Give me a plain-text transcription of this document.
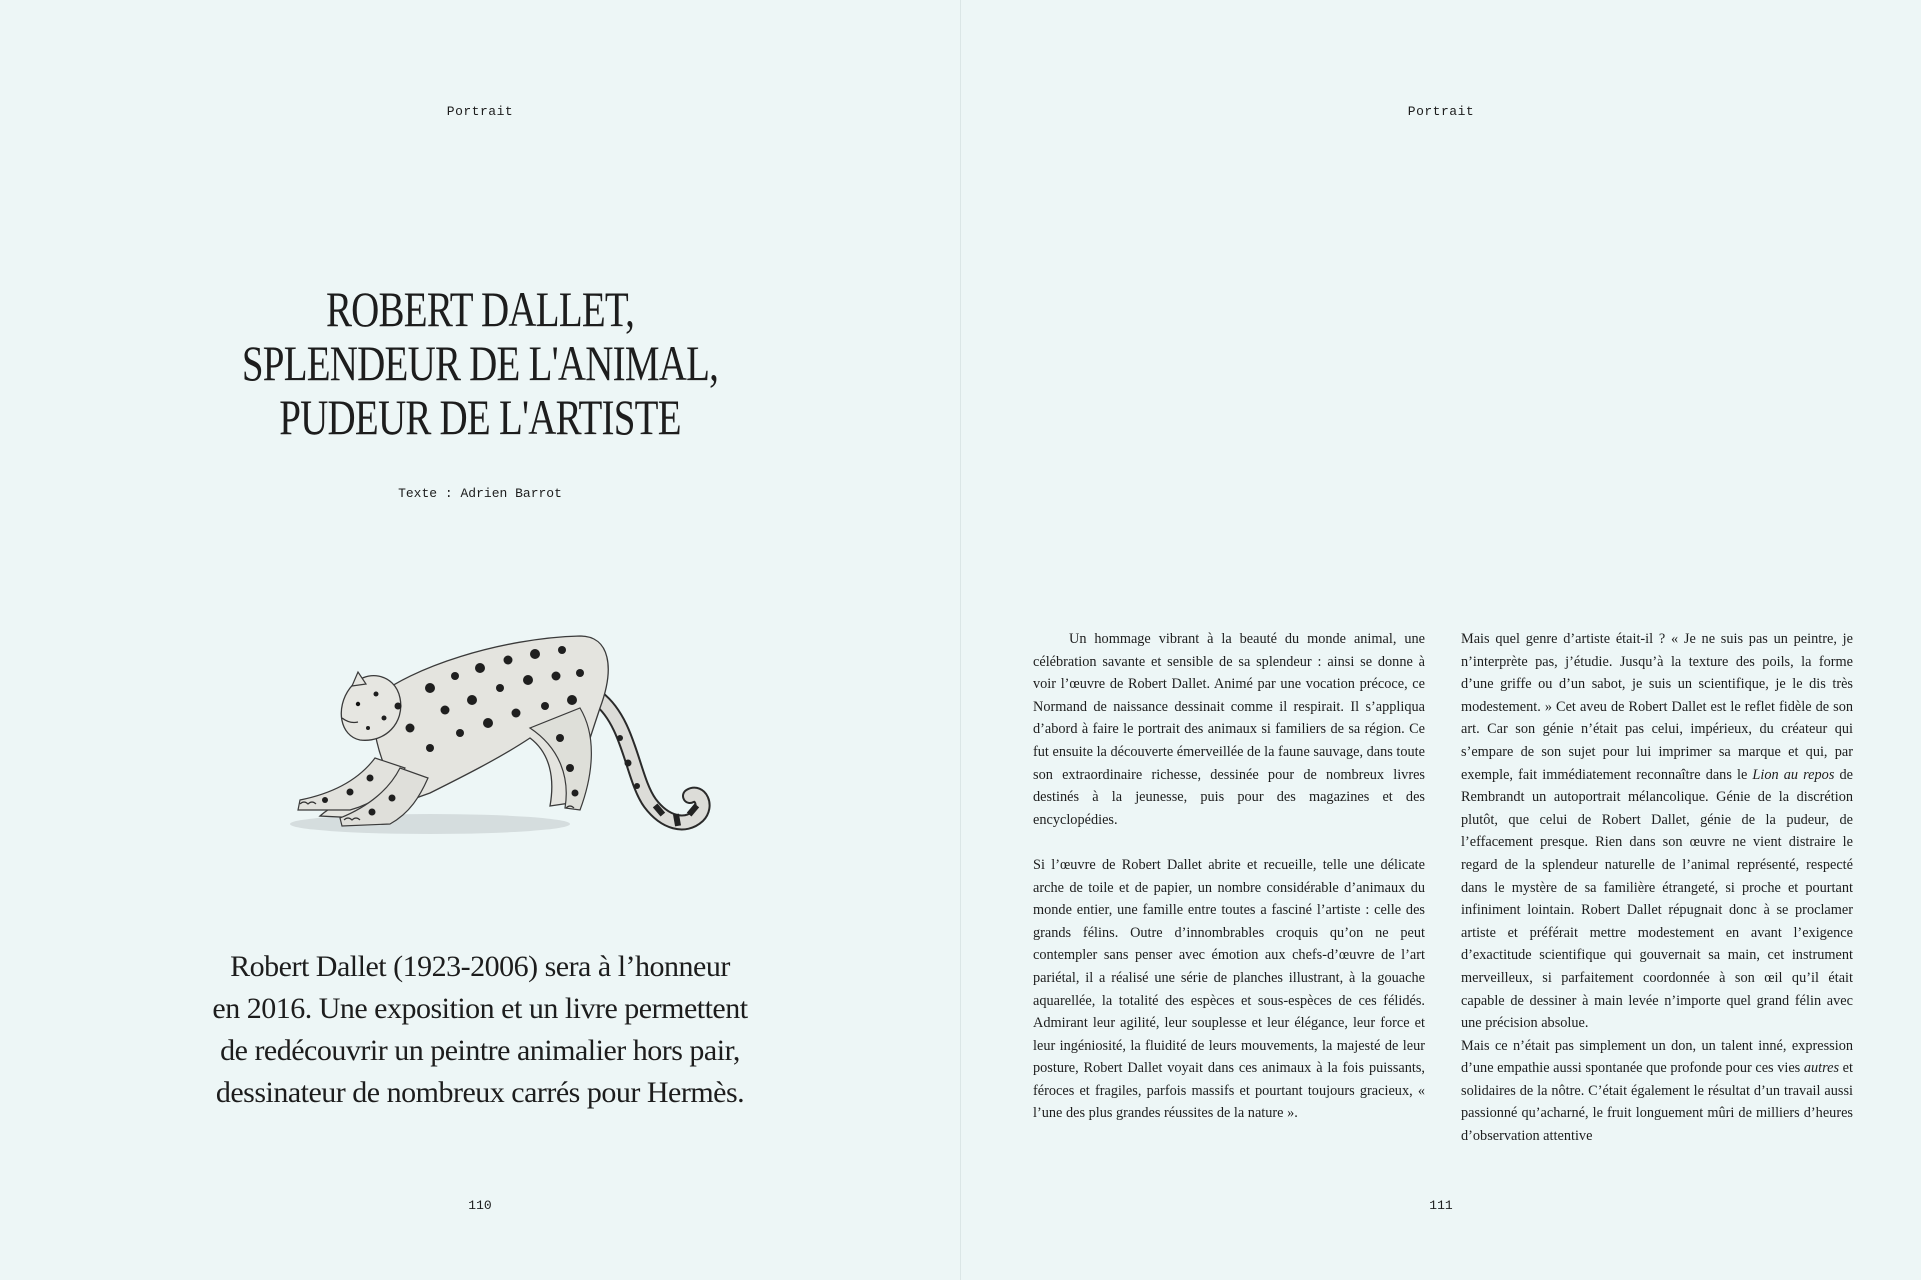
Portrait
ROBERT DALLET,
SPLENDEUR DE L'ANIMAL,
PUDEUR DE L'ARTISTE
Texte : Adrien Barrot
Robert Dallet (1923-2006) sera à l’honneur
en 2016. Une exposition et un livre permettent
de redécouvrir un peintre animalier hors pair,
dessinateur de nombreux carrés pour Hermès.
110
Portrait

Un hommage vibrant à la beauté du monde animal, une célébration savante et sensible de sa splendeur : ainsi se donne à voir l’œuvre de Robert Dallet. Animé par une vocation précoce, ce Normand de naissance dessinait comme il respirait. Il s’appliqua d’abord à faire le portrait des animaux si familiers de sa région. Ce fut ensuite la découverte émerveillée de la faune sauvage, dans toute son extraordinaire richesse, dessinée pour de nombreux livres destinés à la jeunesse, puis pour des magazines et des encyclopédies.

Si l’œuvre de Robert Dallet abrite et recueille, telle une délicate arche de toile et de papier, un nombre considérable d’animaux du monde entier, une famille entre toutes a fasciné l’artiste : celle des grands félins. Outre d’innombrables croquis qu’on ne peut contempler sans penser avec émotion aux chefs-d’œuvre de l’art pariétal, il a réalisé une série de planches illustrant, à la gouache aquarellée, la totalité des espèces et sous-espèces de ces félidés. Admirant leur agilité, leur souplesse et leur élégance, leur force et leur ingéniosité, la fluidité de leurs mouvements, la majesté de leur posture, Robert Dallet voyait dans ces animaux à la fois puissants, féroces et fragiles, parfois massifs et pourtant toujours gracieux, « l’une des plus grandes réussites de la nature ».

Mais quel genre d’artiste était-il ? « Je ne suis pas un peintre, je n’interprète pas, j’étudie. Jusqu’à la texture des poils, la forme d’une griffe ou d’un sabot, je suis un scientifique, je le dis très modestement. » Cet aveu de Robert Dallet est le reflet fidèle de son art. Car son génie n’était pas celui, impérieux, du créateur qui s’empare de son sujet pour lui imprimer sa marque et qui, par exemple, fait immédiatement reconnaître dans le Lion au repos de Rembrandt un autoportrait mélancolique. Génie de la discrétion plutôt, que celui de Robert Dallet, génie de la pudeur, de l’effacement presque. Rien dans son œuvre ne vient distraire le regard de la splendeur naturelle de l’animal représenté, respecté dans le mystère de sa familière étrangeté, si proche et pourtant infiniment lointain. Robert Dallet répugnait donc à se proclamer artiste et préférait mettre modestement en avant l’exigence d’exactitude scientifique qui gouvernait sa main, cet instrument merveilleux, si parfaitement coordonnée à son œil qu’il était capable de dessiner à main levée n’importe quel grand félin avec une précision absolue.

Mais ce n’était pas simplement un don, un talent inné, expression d’une empathie aussi spontanée que profonde pour ces vies autres et solidaires de la nôtre. C’était également le résultat d’un travail aussi passionné qu’acharné, le fruit longuement mûri de milliers d’heures d’observation attentive

111
